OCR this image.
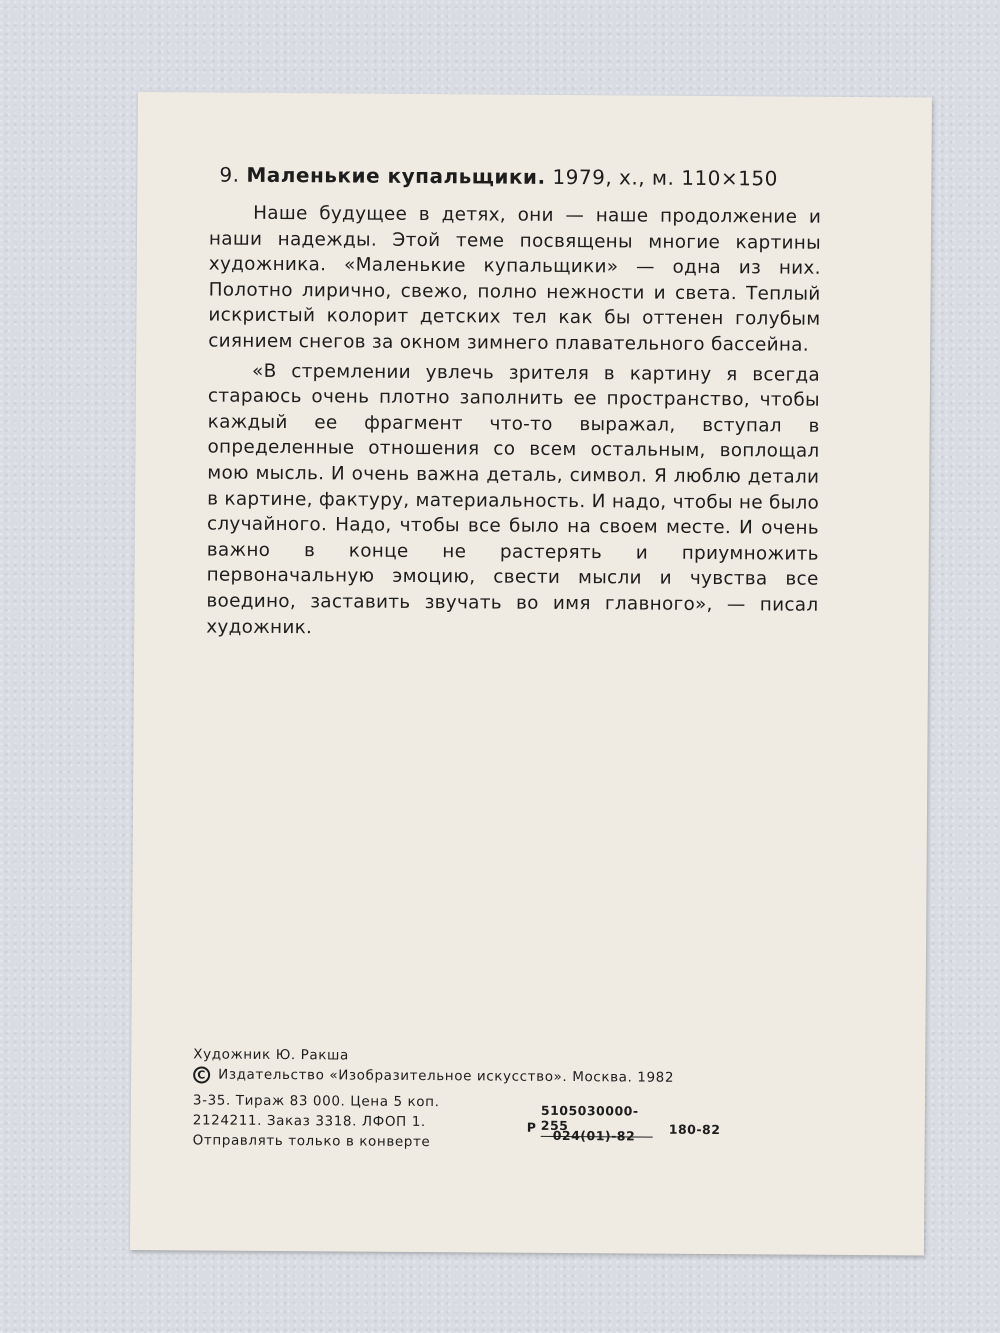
9. Маленькие купальщики. 1979, х., м. 110×150

Наше будущее в детях, они — наше продолжение и наши надежды. Этой теме посвящены многие картины художника. «Маленькие купальщики» — одна из них. Полотно лирично, свежо, полно нежности и света. Теплый искристый колорит детских тел как бы оттенен голубым сиянием снегов за окном зимнего плавательного бассейна.

«В стремлении увлечь зрителя в картину я всегда стараюсь очень плотно заполнить ее пространство, чтобы каждый ее фрагмент что-то выражал, вступал в определенные отношения со всем остальным, воплощал мою мысль. И очень важна деталь, символ. Я люблю детали в картине, фактуру, материальность. И надо, чтобы не было случайного. Надо, чтобы все было на своем месте. И очень важно в конце не растерять и приумножить первоначальную эмоцию, свести мысли и чувства все воедино, заставить звучать во имя главного», — писал художник.

Художник Ю. Ракша
C Издательство «Изобразительное искусство». Москва. 1982
3-35. Тираж 83 000. Цена 5 коп.
2124211. Заказ 3318. ЛФОП 1.
Отправлять только в конверте
Р
5105030000-255
024(01)-82	180-82
